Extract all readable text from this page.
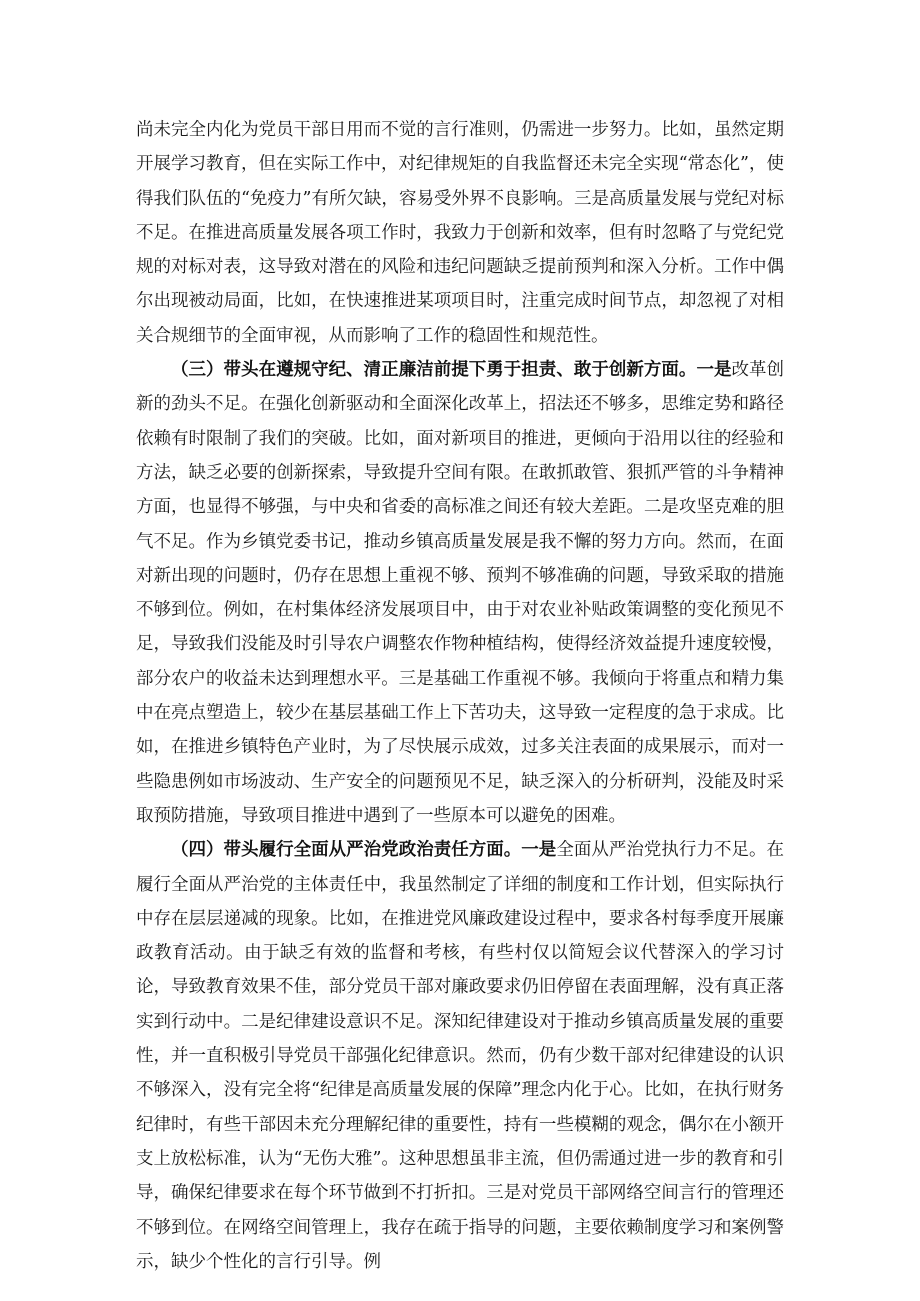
尚未完全内化为党员干部日用而不觉的言行准则，仍需进一步努力。比如，虽然定期开展学习教育，但在实际工作中，对纪律规矩的自我监督还未完全实现“常态化”，使得我们队伍的“免疫力”有所欠缺，容易受外界不良影响。三是高质量发展与党纪对标不足。在推进高质量发展各项工作时，我致力于创新和效率，但有时忽略了与党纪党规的对标对表，这导致对潜在的风险和违纪问题缺乏提前预判和深入分析。工作中偶尔出现被动局面，比如，在快速推进某项项目时，注重完成时间节点，却忽视了对相关合规细节的全面审视，从而影响了工作的稳固性和规范性。

（三）带头在遵规守纪、清正廉洁前提下勇于担责、敢于创新方面。一是改革创新的劲头不足。在强化创新驱动和全面深化改革上，招法还不够多，思维定势和路径依赖有时限制了我们的突破。比如，面对新项目的推进，更倾向于沿用以往的经验和方法，缺乏必要的创新探索，导致提升空间有限。在敢抓敢管、狠抓严管的斗争精神方面，也显得不够强，与中央和省委的高标准之间还有较大差距。二是攻坚克难的胆气不足。作为乡镇党委书记，推动乡镇高质量发展是我不懈的努力方向。然而，在面对新出现的问题时，仍存在思想上重视不够、预判不够准确的问题，导致采取的措施不够到位。例如，在村集体经济发展项目中，由于对农业补贴政策调整的变化预见不足，导致我们没能及时引导农户调整农作物种植结构，使得经济效益提升速度较慢，部分农户的收益未达到理想水平。三是基础工作重视不够。我倾向于将重点和精力集中在亮点塑造上，较少在基层基础工作上下苦功夫，这导致一定程度的急于求成。比如，在推进乡镇特色产业时，为了尽快展示成效，过多关注表面的成果展示，而对一些隐患例如市场波动、生产安全的问题预见不足，缺乏深入的分析研判，没能及时采取预防措施，导致项目推进中遇到了一些原本可以避免的困难。

（四）带头履行全面从严治党政治责任方面。一是全面从严治党执行力不足。在履行全面从严治党的主体责任中，我虽然制定了详细的制度和工作计划，但实际执行中存在层层递减的现象。比如，在推进党风廉政建设过程中，要求各村每季度开展廉政教育活动。由于缺乏有效的监督和考核，有些村仅以简短会议代替深入的学习讨论，导致教育效果不佳，部分党员干部对廉政要求仍旧停留在表面理解，没有真正落实到行动中。二是纪律建设意识不足。深知纪律建设对于推动乡镇高质量发展的重要性，并一直积极引导党员干部强化纪律意识。然而，仍有少数干部对纪律建设的认识不够深入，没有完全将“纪律是高质量发展的保障”理念内化于心。比如，在执行财务纪律时，有些干部因未充分理解纪律的重要性，持有一些模糊的观念，偶尔在小额开支上放松标准，认为“无伤大雅”。这种思想虽非主流，但仍需通过进一步的教育和引导，确保纪律要求在每个环节做到不打折扣。三是对党员干部网络空间言行的管理还不够到位。在网络空间管理上，我存在疏于指导的问题，主要依赖制度学习和案例警示，缺少个性化的言行引导。例
